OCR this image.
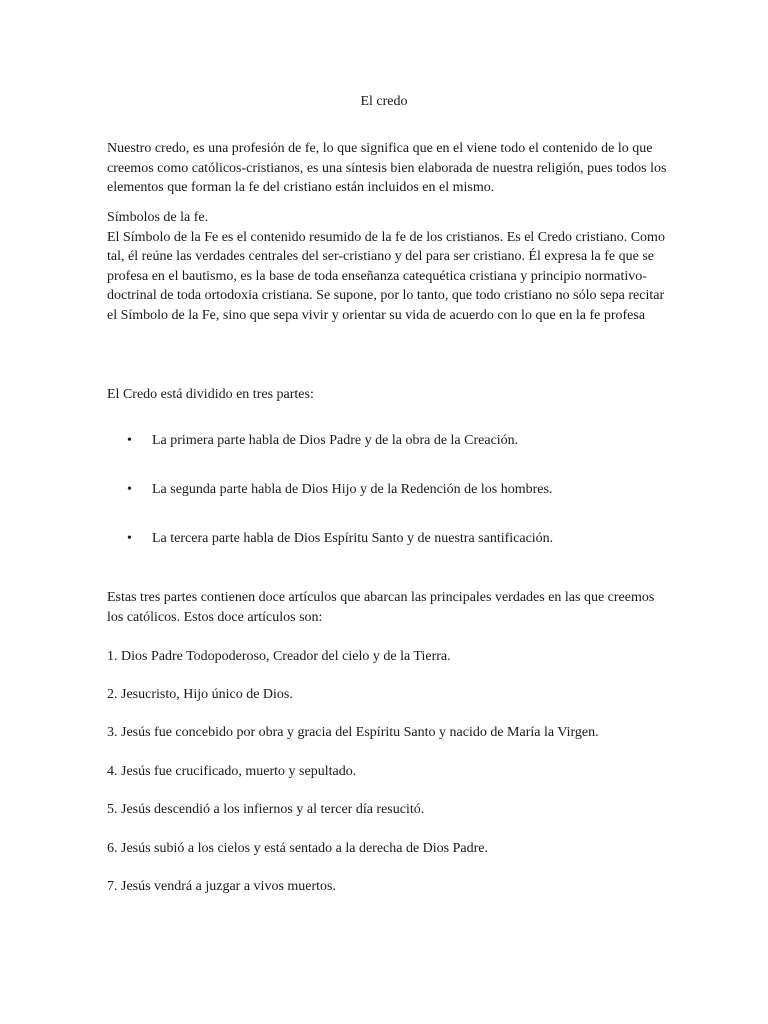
El credo

Nuestro credo, es una profesión de fe, lo que significa que en el viene todo el contenido de lo que creemos como católicos-cristianos, es una síntesis bien elaborada de nuestra religión, pues todos los elementos que forman la fe del cristiano están incluidos en el mismo.

Símbolos de la fe.
El Símbolo de la Fe es el contenido resumido de la fe de los cristianos. Es el Credo cristiano. Como tal, él reúne las verdades centrales del ser-cristiano y del para ser cristiano. Él expresa la fe que se profesa en el bautismo, es la base de toda enseñanza catequética cristiana y principio normativo-doctrinal de toda ortodoxia cristiana. Se supone, por lo tanto, que todo cristiano no sólo sepa recitar el Símbolo de la Fe, sino que sepa vivir y orientar su vida de acuerdo con lo que en la fe profesa

El Credo está dividido en tres partes:

• La primera parte habla de Dios Padre y de la obra de la Creación.
• La segunda parte habla de Dios Hijo y de la Redención de los hombres.
• La tercera parte habla de Dios Espíritu Santo y de nuestra santificación.

Estas tres partes contienen doce artículos que abarcan las principales verdades en las que creemos los católicos. Estos doce artículos son:

1. Dios Padre Todopoderoso, Creador del cielo y de la Tierra.
2. Jesucristo, Hijo único de Dios.
3. Jesús fue concebido por obra y gracia del Espíritu Santo y nacido de María la Virgen.
4. Jesús fue crucificado, muerto y sepultado.
5. Jesús descendió a los infiernos y al tercer día resucitó.
6. Jesús subió a los cielos y está sentado a la derecha de Dios Padre.
7. Jesús vendrá a juzgar a vivos muertos.
